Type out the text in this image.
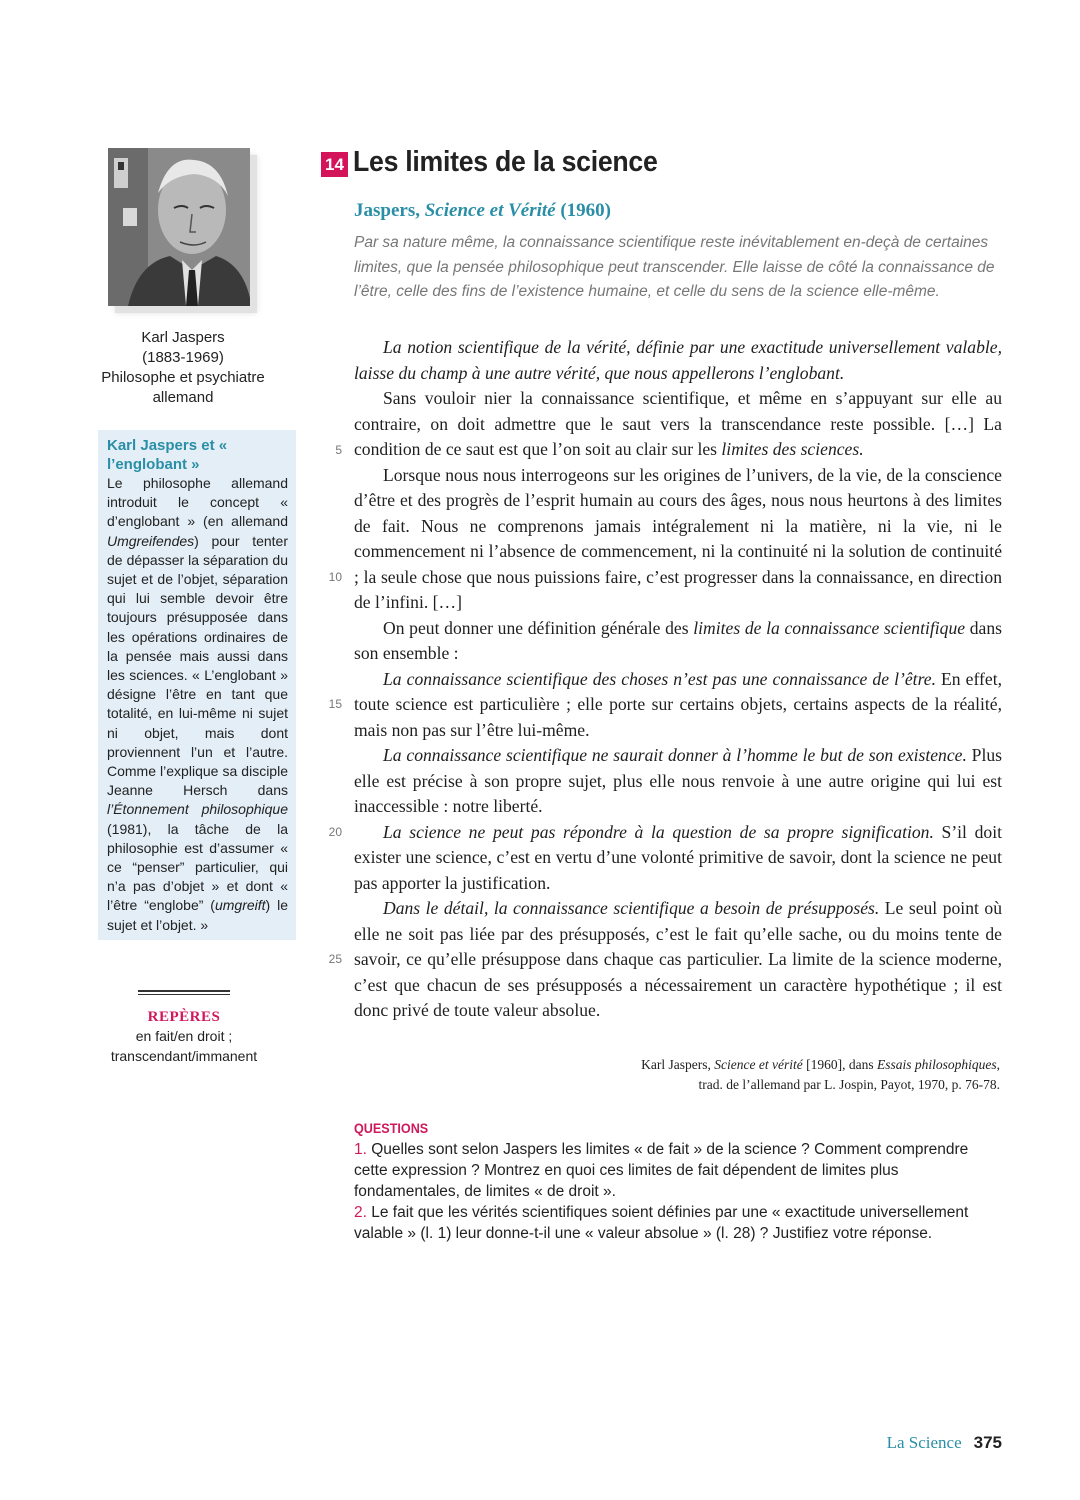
Karl Jaspers
(1883-1969)
Philosophe et psychiatre allemand
Karl Jaspers et « l’englobant »

Le philosophe allemand introduit le concept « d’englobant » (en allemand Umgreifendes) pour tenter de dépasser la séparation du sujet et de l’objet, séparation qui lui semble devoir être toujours présupposée dans les opérations ordinaires de la pensée mais aussi dans les sciences. « L’englobant » désigne l’être en tant que totalité, en lui-même ni sujet ni objet, mais dont proviennent l’un et l’autre. Comme l’explique sa disciple Jeanne Hersch dans l’Étonnement philosophique (1981), la tâche de la philosophie est d’assumer « ce “penser” particulier, qui n’a pas d’objet » et dont « l’être “englobe” (umgreift) le sujet et l’objet. »

REPÈRES
en fait/en droit ;
transcendant/immanent
14 Les limites de la science
Jaspers, Science et Vérité (1960)
Par sa nature même, la connaissance scientifique reste inévitablement en-deçà de certaines limites, que la pensée philosophique peut transcender. Elle laisse de côté la connaissance de l’être, celle des fins de l’existence humaine, et celle du sens de la science elle-même.

La notion scientifique de la vérité, définie par une exactitude universellement valable, laisse du champ à une autre vérité, que nous appellerons l’englobant.

Sans vouloir nier la connaissance scientifique, et même en s’appuyant sur elle au contraire, on doit admettre que le saut vers la transcendance reste possible. […] La condition de ce saut est que l’on soit au clair sur les limites des sciences.

Lorsque nous nous interrogeons sur les origines de l’univers, de la vie, de la conscience d’être et des progrès de l’esprit humain au cours des âges, nous nous heurtons à des limites de fait. Nous ne comprenons jamais intégralement ni la matière, ni la vie, ni le commencement ni l’absence de commencement, ni la continuité ni la solution de continuité ; la seule chose que nous puissions faire, c’est progresser dans la connaissance, en direction de l’infini. […]

On peut donner une définition générale des limites de la connaissance scientifique dans son ensemble :

La connaissance scientifique des choses n’est pas une connaissance de l’être. En effet, toute science est particulière ; elle porte sur certains objets, certains aspects de la réalité, mais non pas sur l’être lui-même.

La connaissance scientifique ne saurait donner à l’homme le but de son existence. Plus elle est précise à son propre sujet, plus elle nous renvoie à une autre origine qui lui est inaccessible : notre liberté.

La science ne peut pas répondre à la question de sa propre signification. S’il doit exister une science, c’est en vertu d’une volonté primitive de savoir, dont la science ne peut pas apporter la justification.

Dans le détail, la connaissance scientifique a besoin de présupposés. Le seul point où elle ne soit pas liée par des présupposés, c’est le fait qu’elle sache, ou du moins tente de savoir, ce qu’elle présuppose dans chaque cas particulier. La limite de la science moderne, c’est que chacun de ses présupposés a nécessairement un caractère hypothétique ; il est donc privé de toute valeur absolue.

5
10
15
20
25
Karl Jaspers, Science et vérité [1960], dans Essais philosophiques,
trad. de l’allemand par L. Jospin, Payot, 1970, p. 76-78.
QUESTIONS

1. Quelles sont selon Jaspers les limites « de fait » de la science ? Comment comprendre cette expression ? Montrez en quoi ces limites de fait dépendent de limites plus fondamentales, de limites « de droit ».

2. Le fait que les vérités scientifiques soient définies par une « exactitude universellement valable » (l. 1) leur donne-t-il une « valeur absolue » (l. 28) ? Justifiez votre réponse.

La Science 375
